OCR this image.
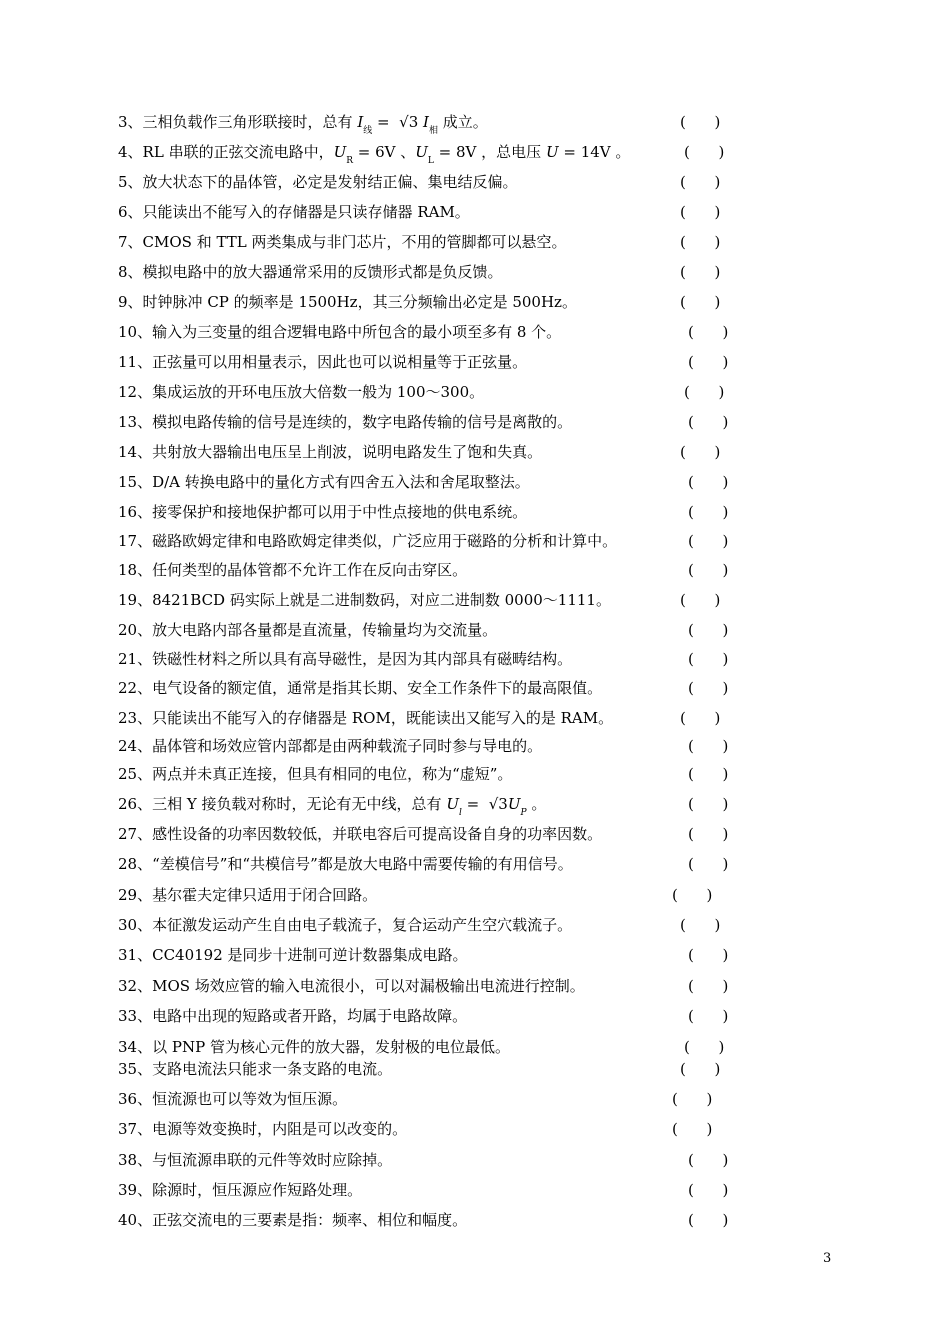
3、三相负载作三角形联接时，总有 $I_线 = √3$ $I_相$ 成立。	(      )
4、RL 串联的正弦交流电路中，$U_R = 6V$ 、$U_L = 8V$ ，总电压 U = 14V 。	(      )
5、放大状态下的晶体管，必定是发射结正偏、集电结反偏。	(      )
6、只能读出不能写入的存储器是只读存储器 RAM。	(      )
7、CMOS 和 TTL 两类集成与非门芯片，不用的管脚都可以悬空。	(      )
8、模拟电路中的放大器通常采用的反馈形式都是负反馈。	(      )
9、时钟脉冲 CP 的频率是 1500Hz，其三分频输出必定是 500Hz。	(      )
10、输入为三变量的组合逻辑电路中所包含的最小项至多有 8 个。	(      )
11、正弦量可以用相量表示，因此也可以说相量等于正弦量。	(      )
12、集成运放的开环电压放大倍数一般为 100～300。	(      )
13、模拟电路传输的信号是连续的，数字电路传输的信号是离散的。	(      )
14、共射放大器输出电压呈上削波，说明电路发生了饱和失真。	(      )
15、D/A 转换电路中的量化方式有四舍五入法和舍尾取整法。	(      )
16、接零保护和接地保护都可以用于中性点接地的供电系统。	(      )
17、磁路欧姆定律和电路欧姆定律类似，广泛应用于磁路的分析和计算中。	(      )
18、任何类型的晶体管都不允许工作在反向击穿区。	(      )
19、8421BCD 码实际上就是二进制数码，对应二进制数 0000～1111。	(      )
20、放大电路内部各量都是直流量，传输量均为交流量。	(      )
21、铁磁性材料之所以具有高导磁性，是因为其内部具有磁畴结构。	(      )
22、电气设备的额定值，通常是指其长期、安全工作条件下的最高限值。	(      )
23、只能读出不能写入的存储器是 ROM，既能读出又能写入的是 RAM。	(      )
24、晶体管和场效应管内部都是由两种载流子同时参与导电的。	(      )
25、两点并未真正连接，但具有相同的电位，称为“虚短”。	(      )
26、三相 Y 接负载对称时，无论有无中线，总有 $U_l = √3U_P$ 。	(      )
27、感性设备的功率因数较低，并联电容后可提高设备自身的功率因数。	(      )
28、“差模信号”和“共模信号”都是放大电路中需要传输的有用信号。	(      )
29、基尔霍夫定律只适用于闭合回路。	(      )
30、本征激发运动产生自由电子载流子，复合运动产生空穴载流子。	(      )
31、CC40192 是同步十进制可逆计数器集成电路。	(      )
32、MOS 场效应管的输入电流很小，可以对漏极输出电流进行控制。	(      )
33、电路中出现的短路或者开路，均属于电路故障。	(      )
34、以 PNP 管为核心元件的放大器，发射极的电位最低。	(      )
35、支路电流法只能求一条支路的电流。	(      )
36、恒流源也可以等效为恒压源。	(      )
37、电源等效变换时，内阻是可以改变的。	(      )
38、与恒流源串联的元件等效时应除掉。	(      )
39、除源时，恒压源应作短路处理。	(      )
40、正弦交流电的三要素是指：频率、相位和幅度。	(      )
3
